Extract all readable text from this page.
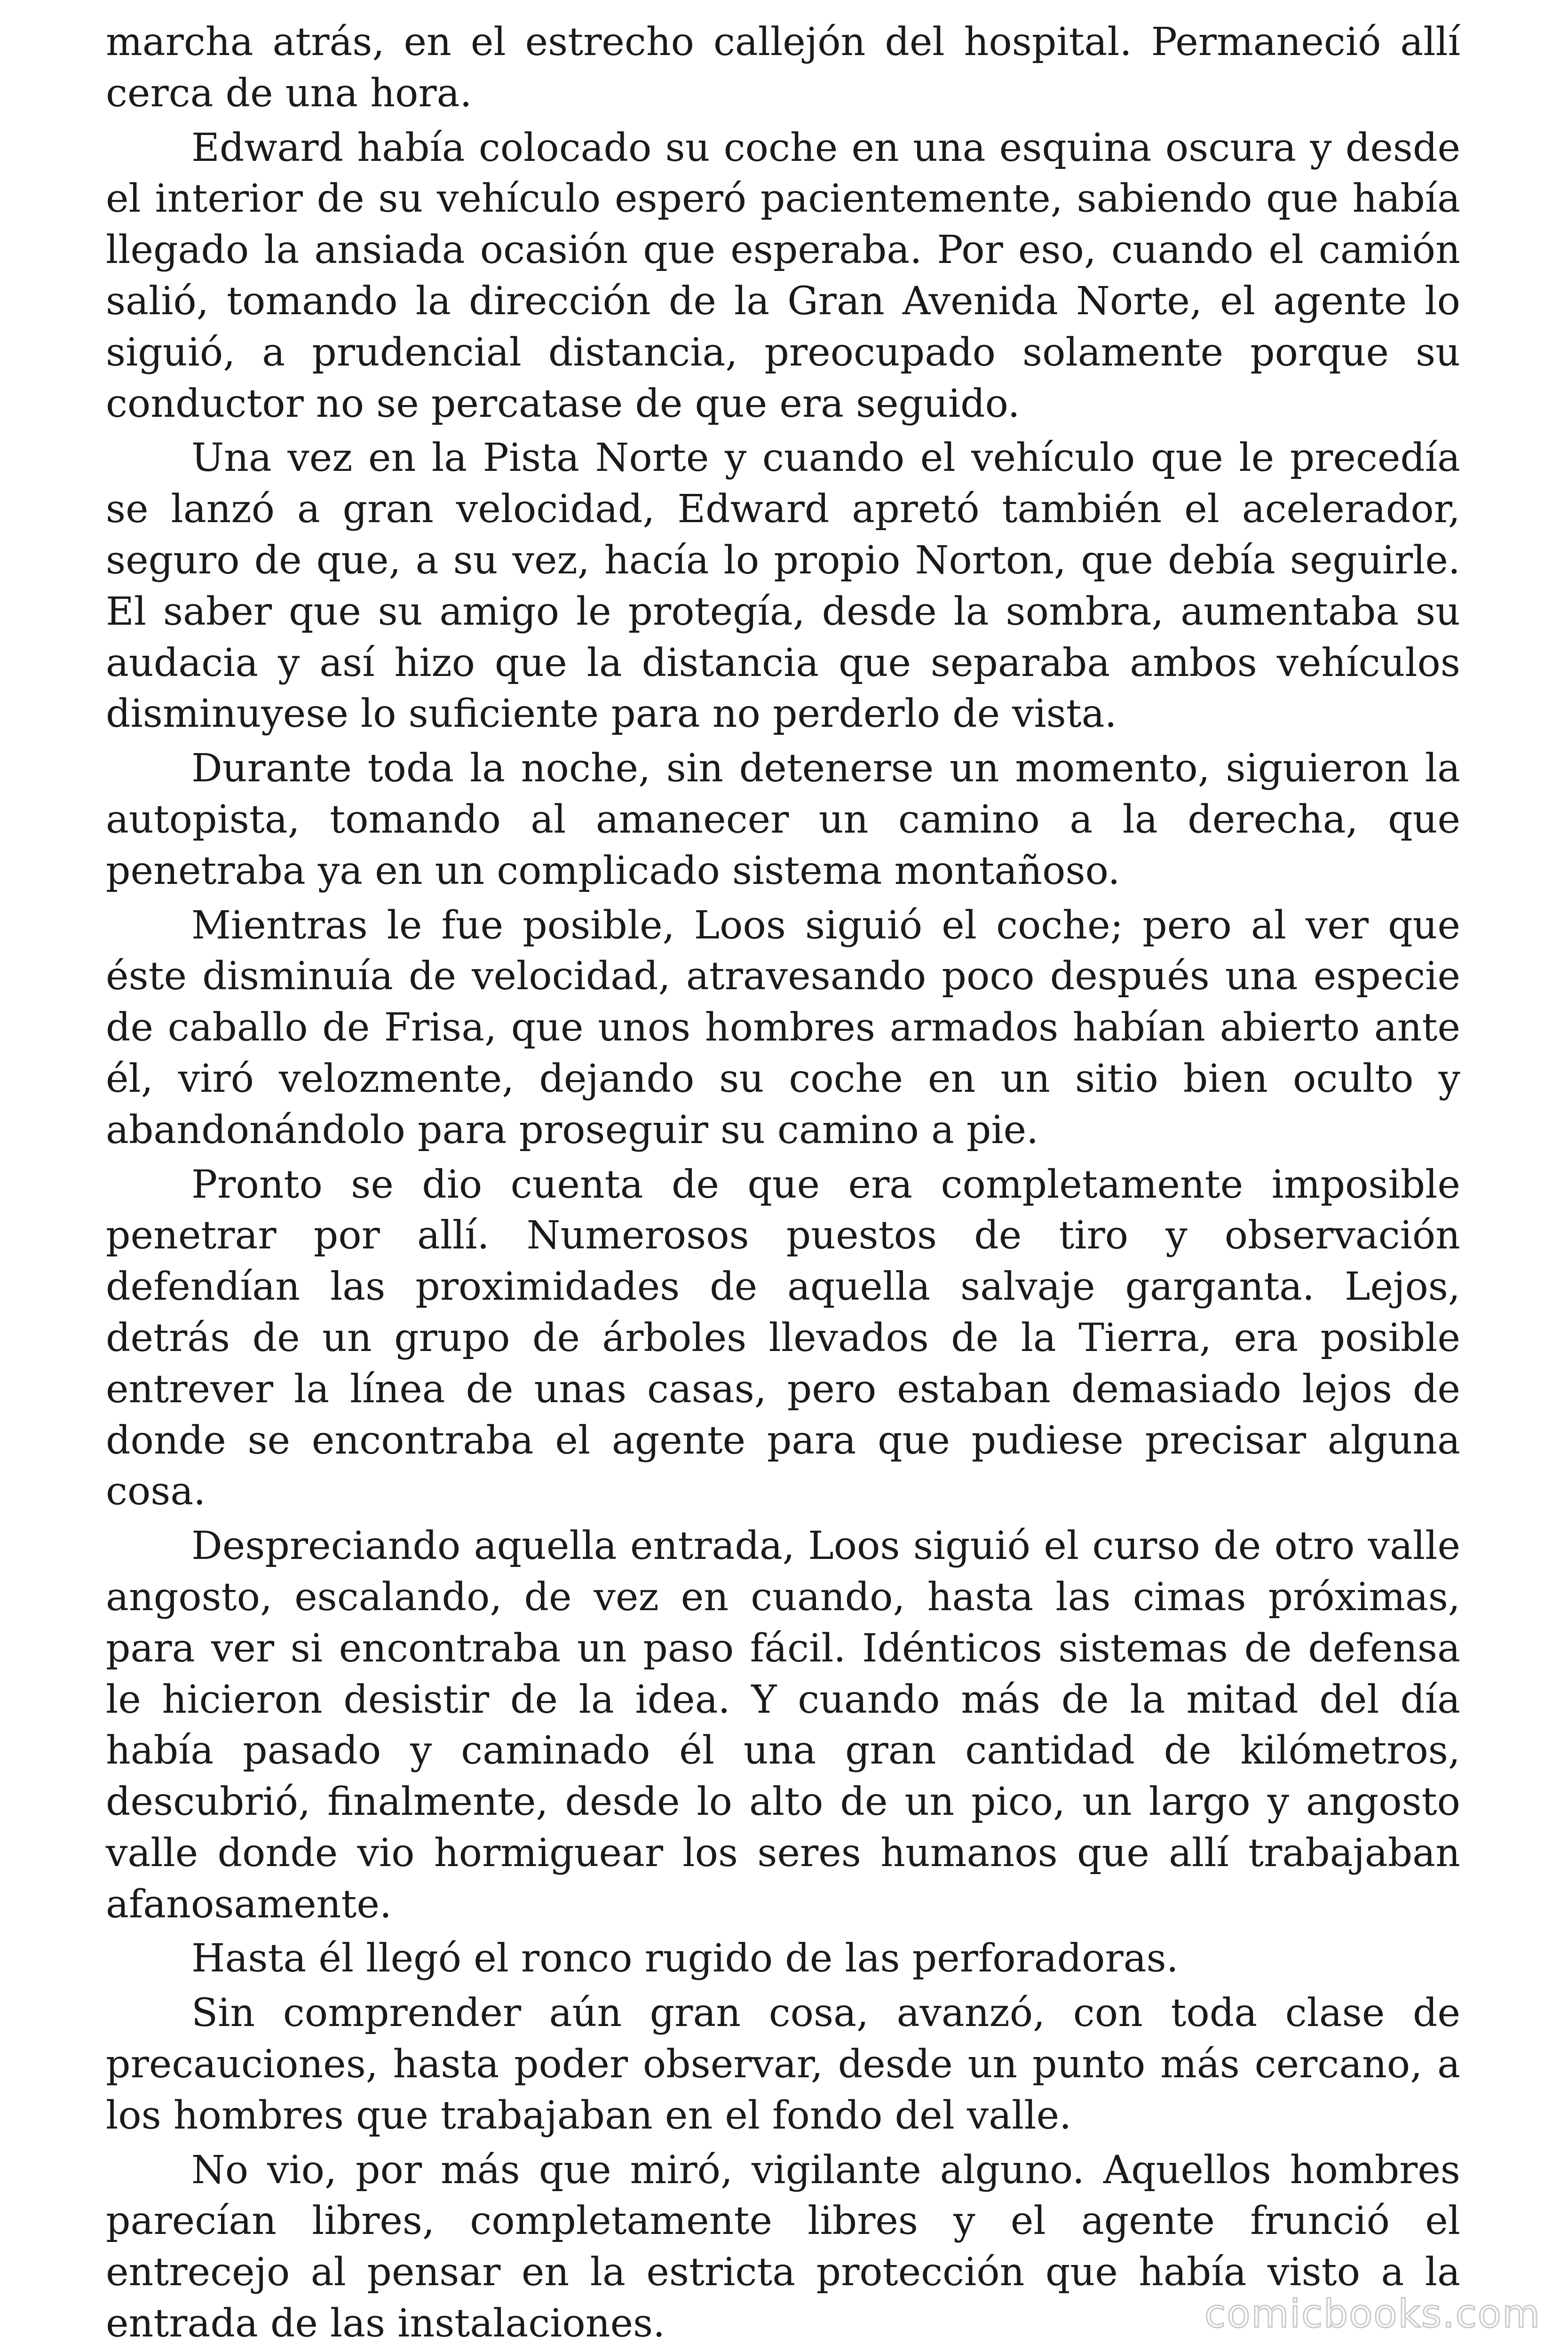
marcha atrás, en el estrecho callejón del hospital. Permaneció allí cerca de una hora.

Edward había colocado su coche en una esquina oscura y desde el interior de su vehículo esperó pacientemente, sabiendo que había llegado la ansiada ocasión que esperaba. Por eso, cuando el camión salió, tomando la dirección de la Gran Avenida Norte, el agente lo siguió, a prudencial distancia, preocupado solamente porque su conductor no se percatase de que era seguido.

Una vez en la Pista Norte y cuando el vehículo que le precedía se lanzó a gran velocidad, Edward apretó también el acelerador, seguro de que, a su vez, hacía lo propio Norton, que debía seguirle. El saber que su amigo le protegía, desde la sombra, aumentaba su audacia y así hizo que la distancia que separaba ambos vehículos disminuyese lo suficiente para no perderlo de vista.

Durante toda la noche, sin detenerse un momento, siguieron la autopista, tomando al amanecer un camino a la derecha, que penetraba ya en un complicado sistema montañoso.

Mientras le fue posible, Loos siguió el coche; pero al ver que éste disminuía de velocidad, atravesando poco después una especie de caballo de Frisa, que unos hombres armados habían abierto ante él, viró velozmente, dejando su coche en un sitio bien oculto y abandonándolo para proseguir su camino a pie.

Pronto se dio cuenta de que era completamente imposible penetrar por allí. Numerosos puestos de tiro y observación defendían las proximidades de aquella salvaje garganta. Lejos, detrás de un grupo de árboles llevados de la Tierra, era posible entrever la línea de unas casas, pero estaban demasiado lejos de donde se encontraba el agente para que pudiese precisar alguna cosa.

Despreciando aquella entrada, Loos siguió el curso de otro valle angosto, escalando, de vez en cuando, hasta las cimas próximas, para ver si encontraba un paso fácil. Idénticos sistemas de defensa le hicieron desistir de la idea. Y cuando más de la mitad del día había pasado y caminado él una gran cantidad de kilómetros, descubrió, finalmente, desde lo alto de un pico, un largo y angosto valle donde vio hormiguear los seres humanos que allí trabajaban afanosamente.

Hasta él llegó el ronco rugido de las perforadoras.

Sin comprender aún gran cosa, avanzó, con toda clase de precauciones, hasta poder observar, desde un punto más cercano, a los hombres que trabajaban en el fondo del valle.

No vio, por más que miró, vigilante alguno. Aquellos hombres parecían libres, completamente libres y el agente frunció el entrecejo al pensar en la estricta protección que había visto a la entrada de las instalaciones.	comicbooks.com
